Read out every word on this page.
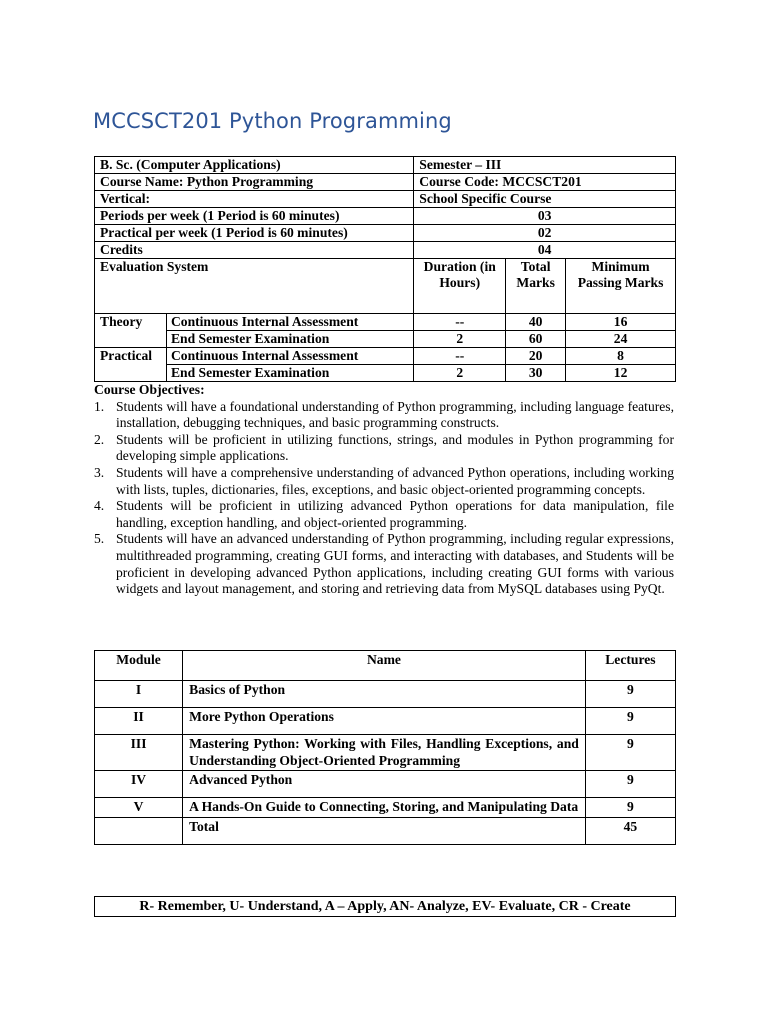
MCCSCT201 Python Programming
B. Sc. (Computer Applications)		Semester – III		
Course Name: Python Programming		Course Code: MCCSCT201		
Vertical:		School Specific Course		
Periods per week (1 Period is 60 minutes)		03		
Practical per week (1 Period is 60 minutes)		02		
Credits		04		
Evaluation System		Duration (in Hours)	Total Marks	Minimum Passing Marks
Theory	Continuous Internal Assessment	--	40	16
	End Semester Examination	2	60	24
Practical	Continuous Internal Assessment	--	20	8
	End Semester Examination	2	30	12
Course Objectives:
1. Students will have a foundational understanding of Python programming, including language features, installation, debugging techniques, and basic programming constructs.
2. Students will be proficient in utilizing functions, strings, and modules in Python programming for developing simple applications.
3. Students will have a comprehensive understanding of advanced Python operations, including working with lists, tuples, dictionaries, files, exceptions, and basic object-oriented programming concepts.
4. Students will be proficient in utilizing advanced Python operations for data manipulation, file handling, exception handling, and object-oriented programming.
5. Students will have an advanced understanding of Python programming, including regular expressions, multithreaded programming, creating GUI forms, and interacting with databases, and Students will be proficient in developing advanced Python applications, including creating GUI forms with various widgets and layout management, and storing and retrieving data from MySQL databases using PyQt.
Module	Name	Lectures
I	Basics of Python	9
II	More Python Operations	9
III	Mastering Python: Working with Files, Handling Exceptions, and Understanding Object-Oriented Programming	9
IV	Advanced Python	9
V	A Hands-On Guide to Connecting, Storing, and Manipulating Data	9
	Total	45
R- Remember, U- Understand, A – Apply, AN- Analyze, EV- Evaluate, CR - Create
